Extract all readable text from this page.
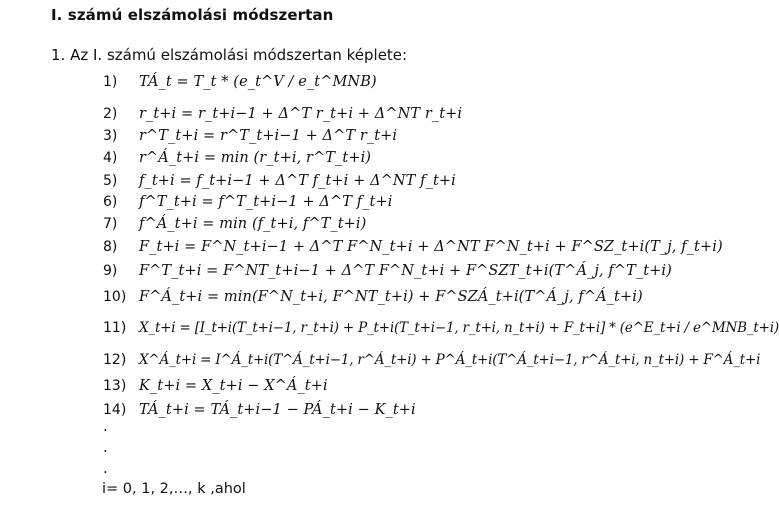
I. számú elszámolási módszertan
1. Az I. számú elszámolási módszertan képlete:
1)	TÁ_t = T_t * (e_t^V / e_t^MNB)
2)	r_t+i = r_t+i−1 + Δ^T r_t+i + Δ^NT r_t+i
3)	r^T_t+i = r^T_t+i−1 + Δ^T r_t+i
4)	r^Á_t+i = min (r_t+i, r^T_t+i)
5)	f_t+i = f_t+i−1 + Δ^T f_t+i + Δ^NT f_t+i
6)	f^T_t+i = f^T_t+i−1 + Δ^T f_t+i
7)	f^Á_t+i = min (f_t+i, f^T_t+i)
8)	F_t+i = F^N_t+i−1 + Δ^T F^N_t+i + Δ^NT F^N_t+i + F^SZ_t+i(T_j, f_t+i)
9)	F^T_t+i = F^NT_t+i−1 + Δ^T F^N_t+i + F^SZT_t+i(T^Á_j, f^T_t+i)
10) F^Á_t+i = min(F^N_t+i, F^NT_t+i) + F^SZÁ_t+i(T^Á_j, f^Á_t+i)
11) X_t+i = [I_t+i(T_t+i−1, r_t+i) + P_t+i(T_t+i−1, r_t+i, n_t+i) + F_t+i] * (e^E_t+i / e^MNB_t+i)
12) X^Á_t+i = I^Á_t+i(T^Á_t+i−1, r^Á_t+i) + P^Á_t+i(T^Á_t+i−1, r^Á_t+i, n_t+i) + F^Á_t+i
13) K_t+i = X_t+i − X^Á_t+i
14) TÁ_t+i = TÁ_t+i−1 − PÁ_t+i − K_t+i
.
.
.
i= 0, 1, 2,…, k ,ahol
